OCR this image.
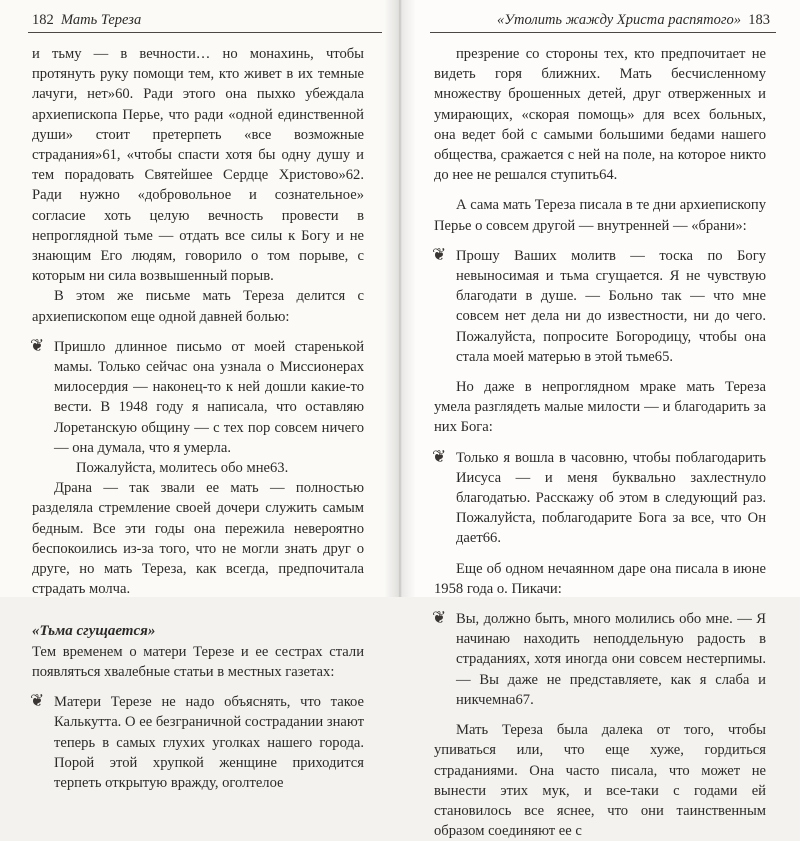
182 Мать Тереза

и тьму — в вечности… но монахинь, чтобы протянуть руку помощи тем, кто живет в их темные лачуги, нет»60. Ради этого она пыхко убеждала архиепископа Перье, что ради «одной единственной души» стоит претерпеть «все возможные страдания»61, «чтобы спасти хотя бы одну душу и тем порадовать Святейшее Сердце Христово»62. Ради нужно «добровольное и сознательное» согласие хоть целую вечность провести в непроглядной тьме — отдать все силы к Богу и не знающим Его людям, говорило о том порыве, с которым ни сила возвышенный порыв.

В этом же письме мать Тереза делится с архиепископом еще одной давней болью:

❦ Пришло длинное письмо от моей старенькой мамы. Только сейчас она узнала о Миссионерах милосердия — наконец-то к ней дошли какие-то вести. В 1948 году я написала, что оставляю Лоретанскую общину — с тех пор совсем ничего — она думала, что я умерла.

Пожалуйста, молитесь обо мне63.

Драна — так звали ее мать — полностью разделяла стремление своей дочери служить самым бедным. Все эти годы она пережила невероятно беспокоились из-за того, что не могли знать друг о друге, но мать Тереза, как всегда, предпочитала страдать молча.

«Тьма сгущается»

Тем временем о матери Терезе и ее сестрах стали появляться хвалебные статьи в местных газетах:

❦ Матери Терезе не надо объяснять, что такое Калькутта. О ее безграничной сострадании знают теперь в самых глухих уголках нашего города. Порой этой хрупкой женщине приходится терпеть открытую вражду, оголтелое

«Утолить жажду Христа распятого» 183

презрение со стороны тех, кто предпочитает не видеть горя ближних. Мать бесчисленному множеству брошенных детей, друг отверженных и умирающих, «скорая помощь» для всех больных, она ведет бой с самыми большими бедами нашего общества, сражается с ней на поле, на которое никто до нее не решался ступить64.

А сама мать Тереза писала в те дни архиепископу Перье о совсем другой — внутренней — «брани»:

❦ Прошу Ваших молитв — тоска по Богу невыносимая и тьма сгущается. Я не чувствую благодати в душе. — Больно так — что мне совсем нет дела ни до известности, ни до чего. Пожалуйста, попросите Богородицу, чтобы она стала моей матерью в этой тьме65.

Но даже в непроглядном мраке мать Тереза умела разглядеть малые милости — и благодарить за них Бога:

❦ Только я вошла в часовню, чтобы поблагодарить Иисуса — и меня буквально захлестнуло благодатью. Расскажу об этом в следующий раз. Пожалуйста, поблагодарите Бога за все, что Он дает66.

Еще об одном нечаянном даре она писала в июне 1958 года о. Пикачи:

❦ Вы, должно быть, много молились обо мне. — Я начинаю находить неподдельную радость в страданиях, хотя иногда они совсем нестерпимы. — Вы даже не представляете, как я слаба и никчемна67.

Мать Тереза была далека от того, чтобы упиваться или, что еще хуже, гордиться страданиями. Она часто писала, что может не вынести этих мук, и все-таки с годами ей становилось все яснее, что они таинственным образом соединяют ее с
